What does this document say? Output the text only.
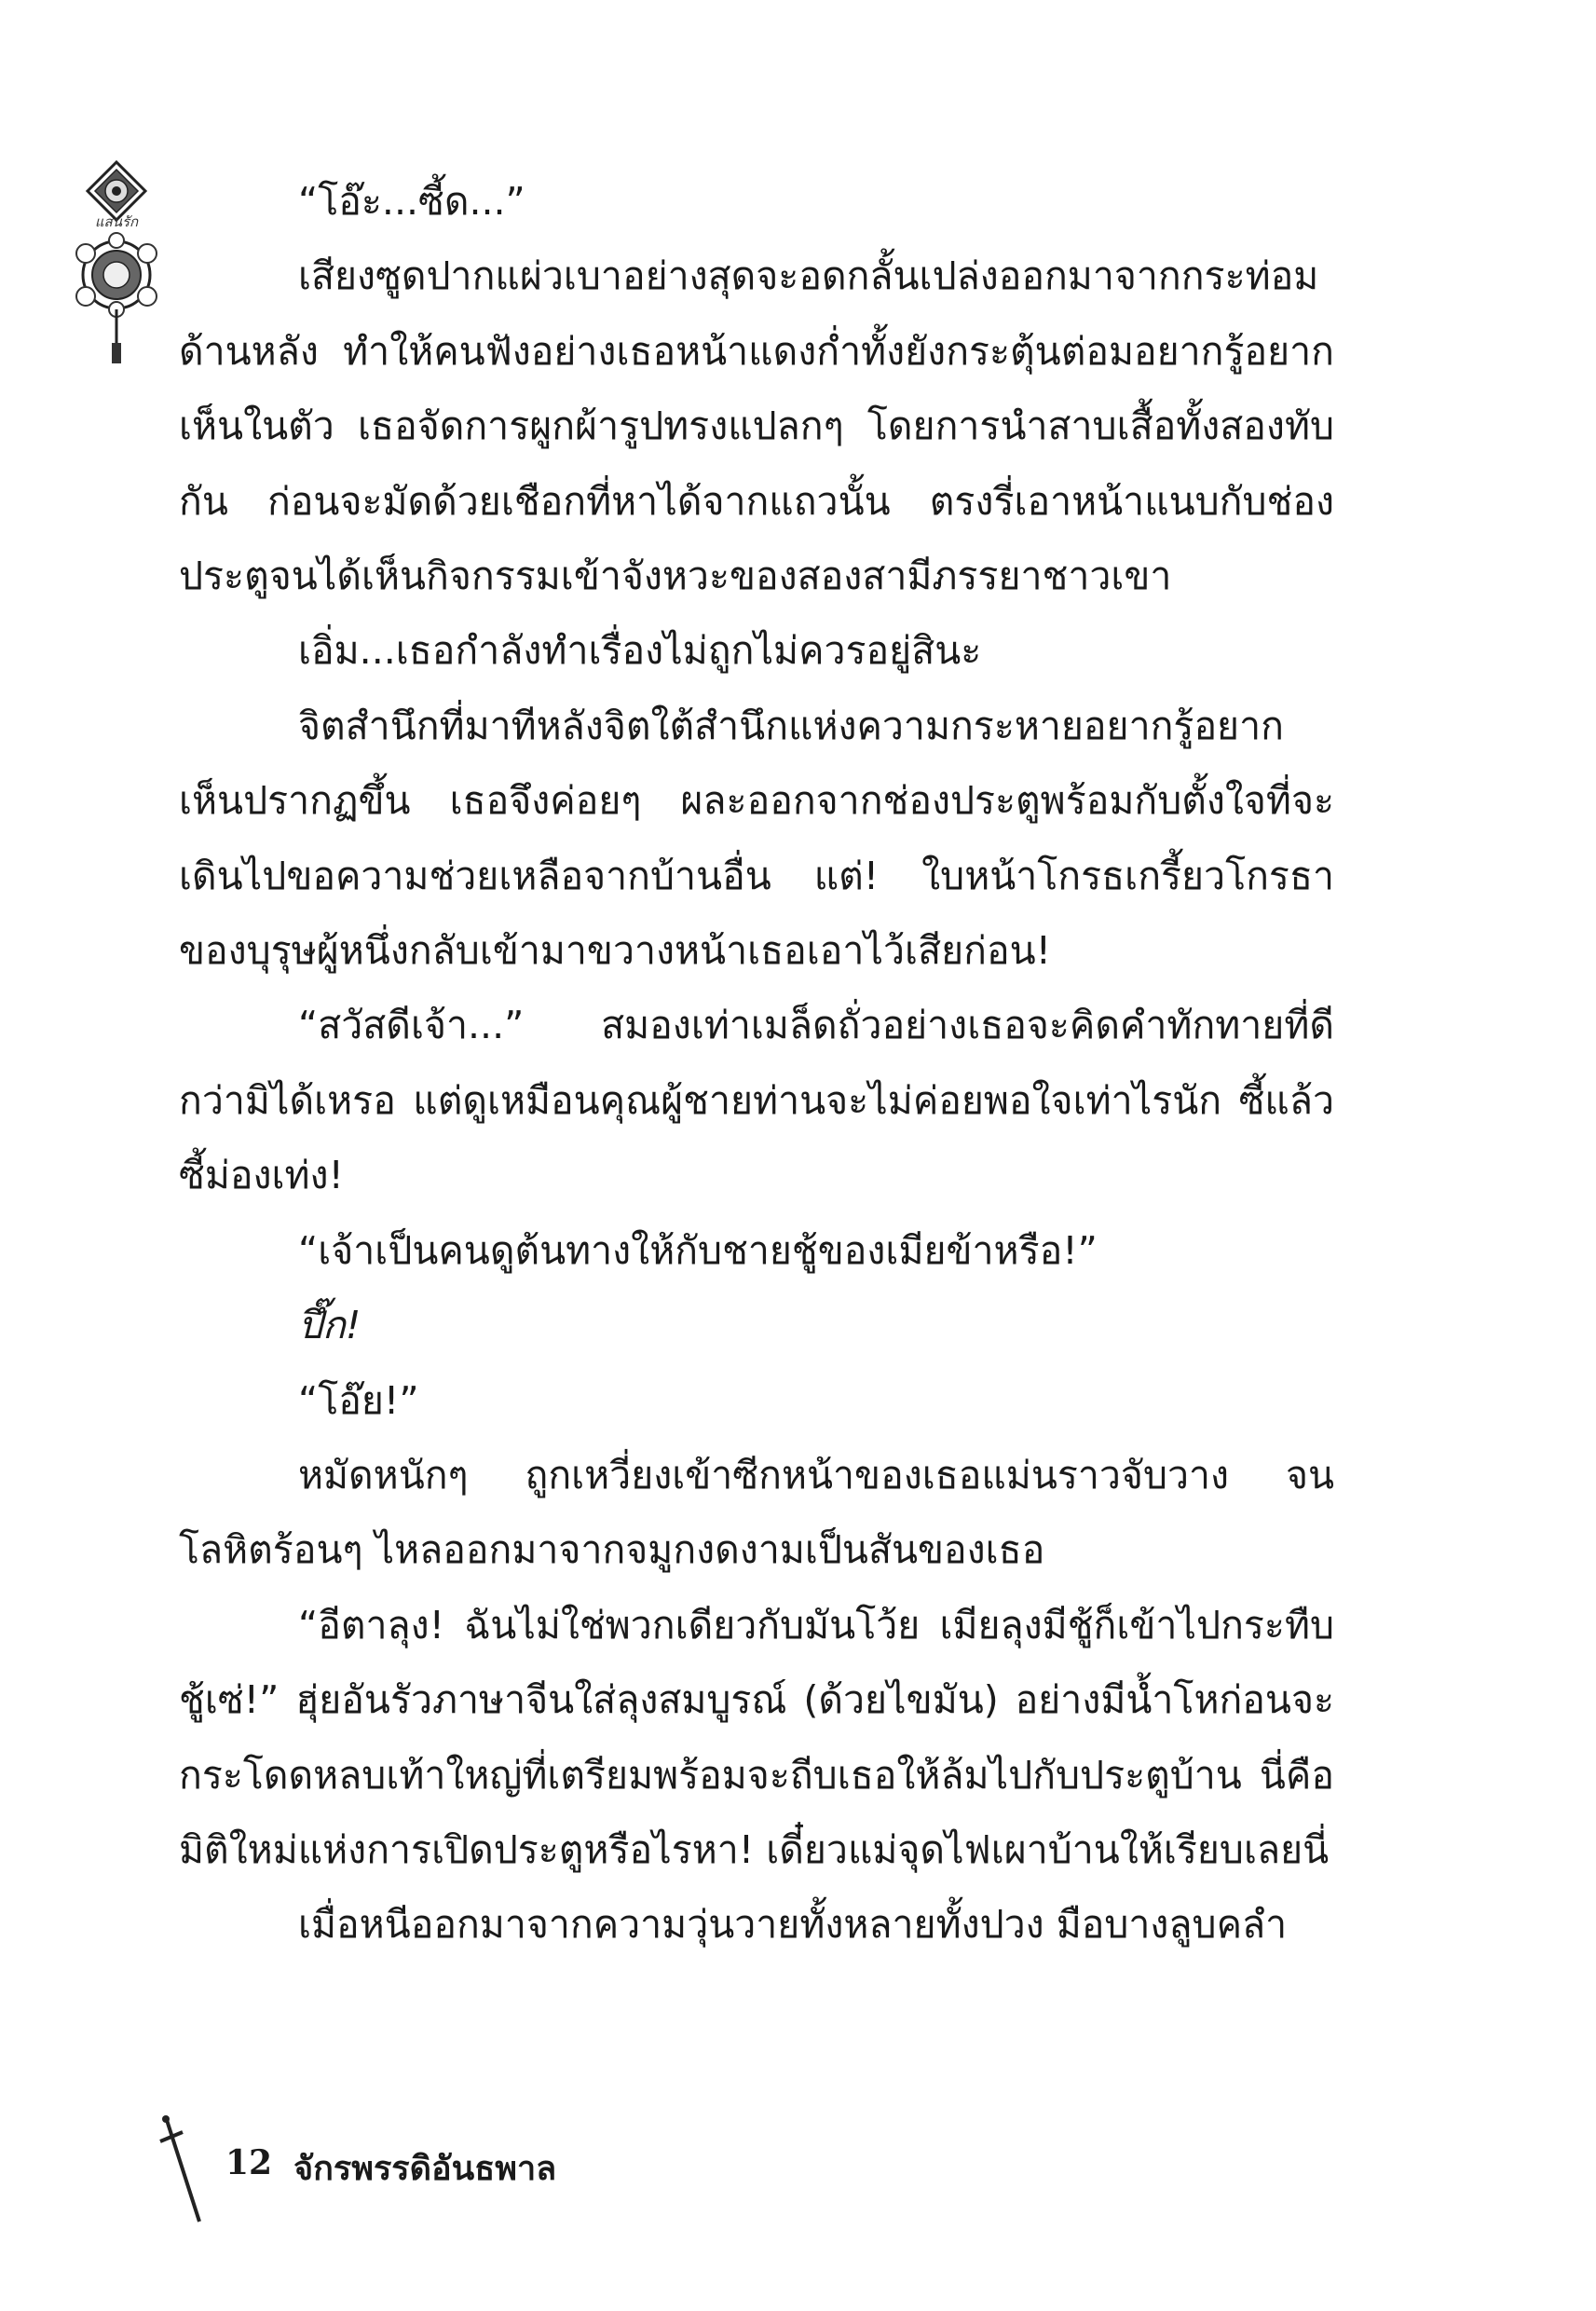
แสนรัก	“โอ๊ะ...ซี้ด...”

เสียงซูดปากแผ่วเบาอย่างสุดจะอดกลั้นเปล่งออกมาจากกระท่อมด้านหลัง ทำให้คนฟังอย่างเธอหน้าแดงก่ำทั้งยังกระตุ้นต่อมอยากรู้อยากเห็นในตัว เธอจัดการผูกผ้ารูปทรงแปลกๆ โดยการนำสาบเสื้อทั้งสองทับกัน ก่อนจะมัดด้วยเชือกที่หาได้จากแถวนั้น ตรงรี่เอาหน้าแนบกับช่องประตูจนได้เห็นกิจกรรมเข้าจังหวะของสองสามีภรรยาชาวเขา

เอิ่ม...เธอกำลังทำเรื่องไม่ถูกไม่ควรอยู่สินะ

จิตสำนึกที่มาทีหลังจิตใต้สำนึกแห่งความกระหายอยากรู้อยากเห็นปรากฏขึ้น เธอจึงค่อยๆ ผละออกจากช่องประตูพร้อมกับตั้งใจที่จะเดินไปขอความช่วยเหลือจากบ้านอื่น แต่! ใบหน้าโกรธเกรี้ยวโกรธาของบุรุษผู้หนึ่งกลับเข้ามาขวางหน้าเธอเอาไว้เสียก่อน!

“สวัสดีเจ้า...” สมองเท่าเมล็ดถั่วอย่างเธอจะคิดคำทักทายที่ดีกว่ามิได้เหรอ แต่ดูเหมือนคุณผู้ชายท่านจะไม่ค่อยพอใจเท่าไรนัก ซี้แล้วซี้ม่องเท่ง!

“เจ้าเป็นคนดูต้นทางให้กับชายชู้ของเมียข้าหรือ!”

ปึ๊ก!

“โอ๊ย!”

หมัดหนักๆ ถูกเหวี่ยงเข้าซีกหน้าของเธอแม่นราวจับวาง จนโลหิตร้อนๆ ไหลออกมาจากจมูกงดงามเป็นสันของเธอ

“อีตาลุง! ฉันไม่ใช่พวกเดียวกับมันโว้ย เมียลุงมีชู้ก็เข้าไปกระทืบชู้เซ่!” ฮุ่ยอันรัวภาษาจีนใส่ลุงสมบูรณ์ (ด้วยไขมัน) อย่างมีน้ำโหก่อนจะกระโดดหลบเท้าใหญ่ที่เตรียมพร้อมจะถีบเธอให้ล้มไปกับประตูบ้าน นี่คือมิติใหม่แห่งการเปิดประตูหรือไรหา! เดี๋ยวแม่จุดไฟเผาบ้านให้เรียบเลยนี่

เมื่อหนีออกมาจากความวุ่นวายทั้งหลายทั้งปวง มือบางลูบคลำ

12 จักรพรรดิอันธพาล
